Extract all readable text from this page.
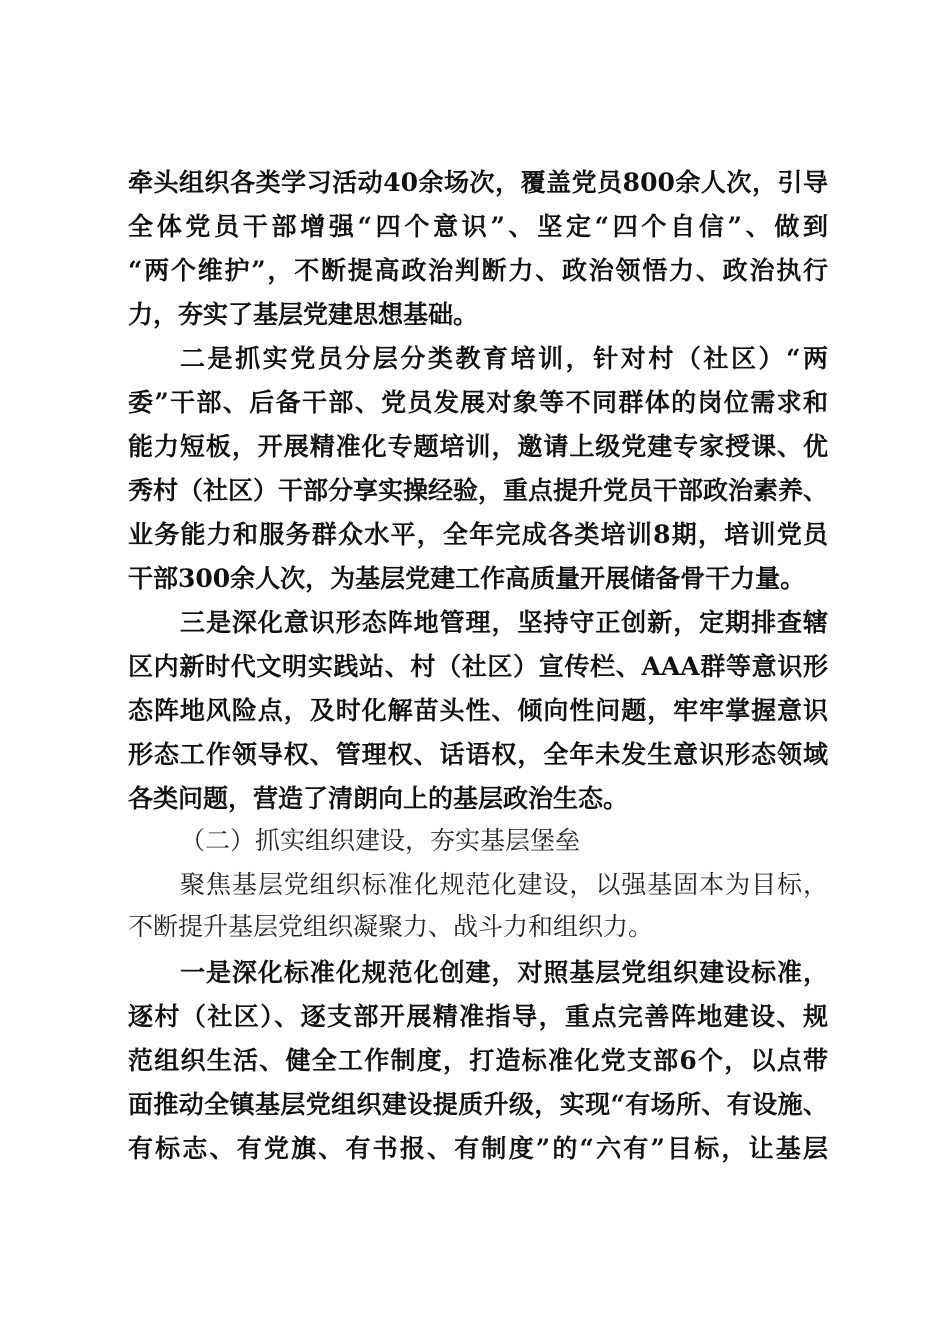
牵头组织各类学习活动40余场次，覆盖党员800余人次，引导
全体党员干部增强“四个意识”、坚定“四个自信”、做到
“两个维护”，不断提高政治判断力、政治领悟力、政治执行
力，夯实了基层党建思想基础。
二是抓实党员分层分类教育培训，针对村（社区）“两
委”干部、后备干部、党员发展对象等不同群体的岗位需求和
能力短板，开展精准化专题培训，邀请上级党建专家授课、优
秀村（社区）干部分享实操经验，重点提升党员干部政治素养、
业务能力和服务群众水平，全年完成各类培训8期，培训党员
干部300余人次，为基层党建工作高质量开展储备骨干力量。
三是深化意识形态阵地管理，坚持守正创新，定期排查辖
区内新时代文明实践站、村（社区）宣传栏、AAA群等意识形
态阵地风险点，及时化解苗头性、倾向性问题，牢牢掌握意识
形态工作领导权、管理权、话语权，全年未发生意识形态领域
各类问题，营造了清朗向上的基层政治生态。
（二）抓实组织建设，夯实基层堡垒
聚焦基层党组织标准化规范化建设，以强基固本为目标，
不断提升基层党组织凝聚力、战斗力和组织力。
一是深化标准化规范化创建，对照基层党组织建设标准，
逐村（社区）、逐支部开展精准指导，重点完善阵地建设、规
范组织生活、健全工作制度，打造标准化党支部6个，以点带
面推动全镇基层党组织建设提质升级，实现“有场所、有设施、
有标志、有党旗、有书报、有制度”的“六有”目标，让基层
